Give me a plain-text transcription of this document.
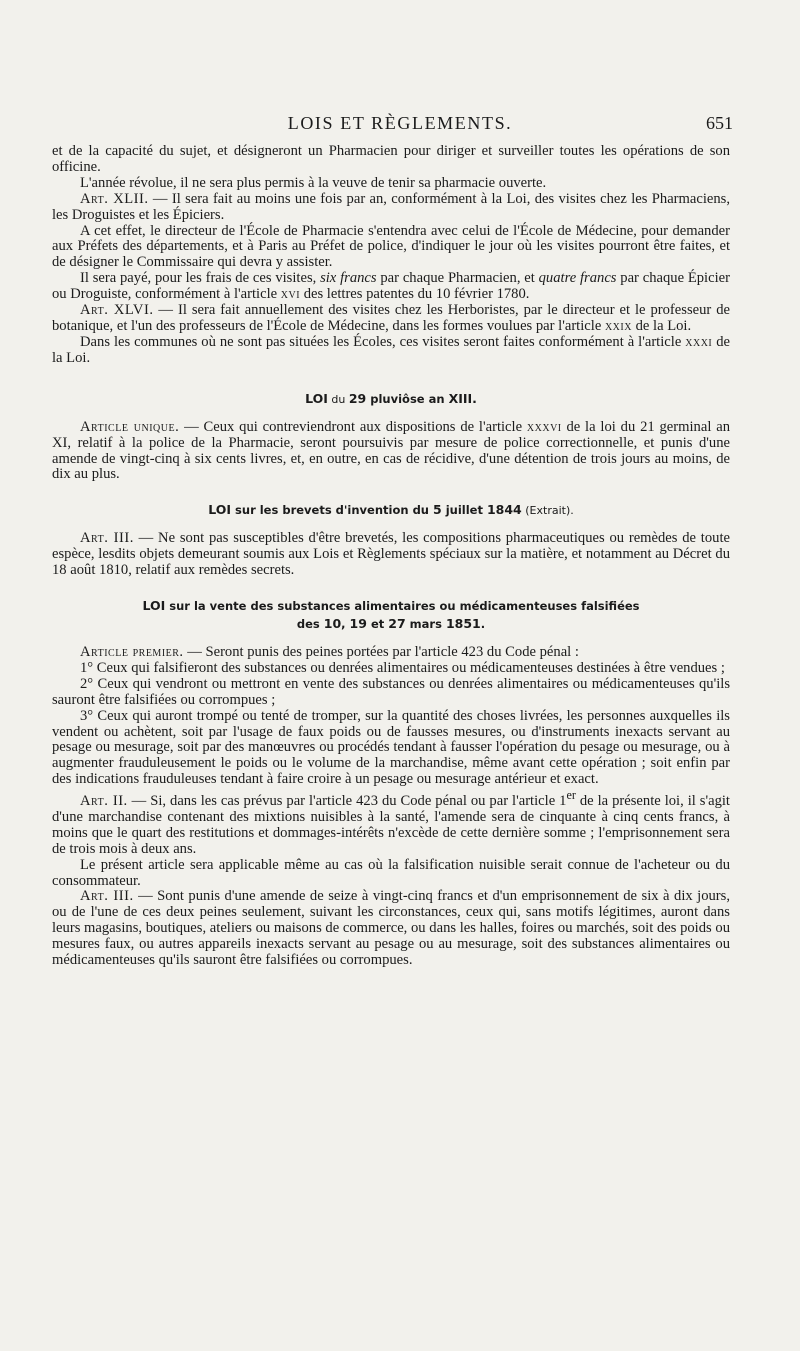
LOIS ET RÈGLEMENTS.	651

et de la capacité du sujet, et désigneront un Pharmacien pour diriger et surveiller toutes les opérations de son officine.

L'année révolue, il ne sera plus permis à la veuve de tenir sa pharmacie ouverte.

Art. XLII. — Il sera fait au moins une fois par an, conformément à la Loi, des visites chez les Pharmaciens, les Droguistes et les Épiciers.

A cet effet, le directeur de l'École de Pharmacie s'entendra avec celui de l'École de Médecine, pour demander aux Préfets des départements, et à Paris au Préfet de police, d'indiquer le jour où les visites pourront être faites, et de désigner le Commissaire qui devra y assister.

Il sera payé, pour les frais de ces visites, six francs par chaque Pharmacien, et quatre francs par chaque Épicier ou Droguiste, conformément à l'article xvi des lettres patentes du 10 février 1780.

Art. XLVI. — Il sera fait annuellement des visites chez les Herboristes, par le directeur et le professeur de botanique, et l'un des professeurs de l'École de Médecine, dans les formes voulues par l'article xxix de la Loi.

Dans les communes où ne sont pas situées les Écoles, ces visites seront faites conformément à l'article xxxi de la Loi.

LOI du 29 pluviôse an XIII.

Article unique. — Ceux qui contreviendront aux dispositions de l'article xxxvi de la loi du 21 germinal an XI, relatif à la police de la Pharmacie, seront poursuivis par mesure de police correctionnelle, et punis d'une amende de vingt-cinq à six cents livres, et, en outre, en cas de récidive, d'une détention de trois jours au moins, de dix au plus.

LOI sur les brevets d'invention du 5 juillet 1844 (Extrait).

Art. III. — Ne sont pas susceptibles d'être brevetés, les compositions pharmaceutiques ou remèdes de toute espèce, lesdits objets demeurant soumis aux Lois et Règlements spéciaux sur la matière, et notamment au Décret du 18 août 1810, relatif aux remèdes secrets.

LOI sur la vente des substances alimentaires ou médicamenteuses falsifiées
des 10, 19 et 27 mars 1851.

Article premier. — Seront punis des peines portées par l'article 423 du Code pénal :

1° Ceux qui falsifieront des substances ou denrées alimentaires ou médicamenteuses destinées à être vendues ;

2° Ceux qui vendront ou mettront en vente des substances ou denrées alimentaires ou médicamenteuses qu'ils sauront être falsifiées ou corrompues ;

3° Ceux qui auront trompé ou tenté de tromper, sur la quantité des choses livrées, les personnes auxquelles ils vendent ou achètent, soit par l'usage de faux poids ou de fausses mesures, ou d'instruments inexacts servant au pesage ou mesurage, soit par des manœuvres ou procédés tendant à fausser l'opération du pesage ou mesurage, ou à augmenter frauduleusement le poids ou le volume de la marchandise, même avant cette opération ; soit enfin par des indications frauduleuses tendant à faire croire à un pesage ou mesurage antérieur et exact.

Art. II. — Si, dans les cas prévus par l'article 423 du Code pénal ou par l'article 1er de la présente loi, il s'agit d'une marchandise contenant des mixtions nuisibles à la santé, l'amende sera de cinquante à cinq cents francs, à moins que le quart des restitutions et dommages-intérêts n'excède de cette dernière somme ; l'emprisonnement sera de trois mois à deux ans.

Le présent article sera applicable même au cas où la falsification nuisible serait connue de l'acheteur ou du consommateur.

Art. III. — Sont punis d'une amende de seize à vingt-cinq francs et d'un emprisonnement de six à dix jours, ou de l'une de ces deux peines seulement, suivant les circonstances, ceux qui, sans motifs légitimes, auront dans leurs magasins, boutiques, ateliers ou maisons de commerce, ou dans les halles, foires ou marchés, soit des poids ou mesures faux, ou autres appareils inexacts servant au pesage ou au mesurage, soit des substances alimentaires ou médicamenteuses qu'ils sauront être falsifiées ou corrompues.
